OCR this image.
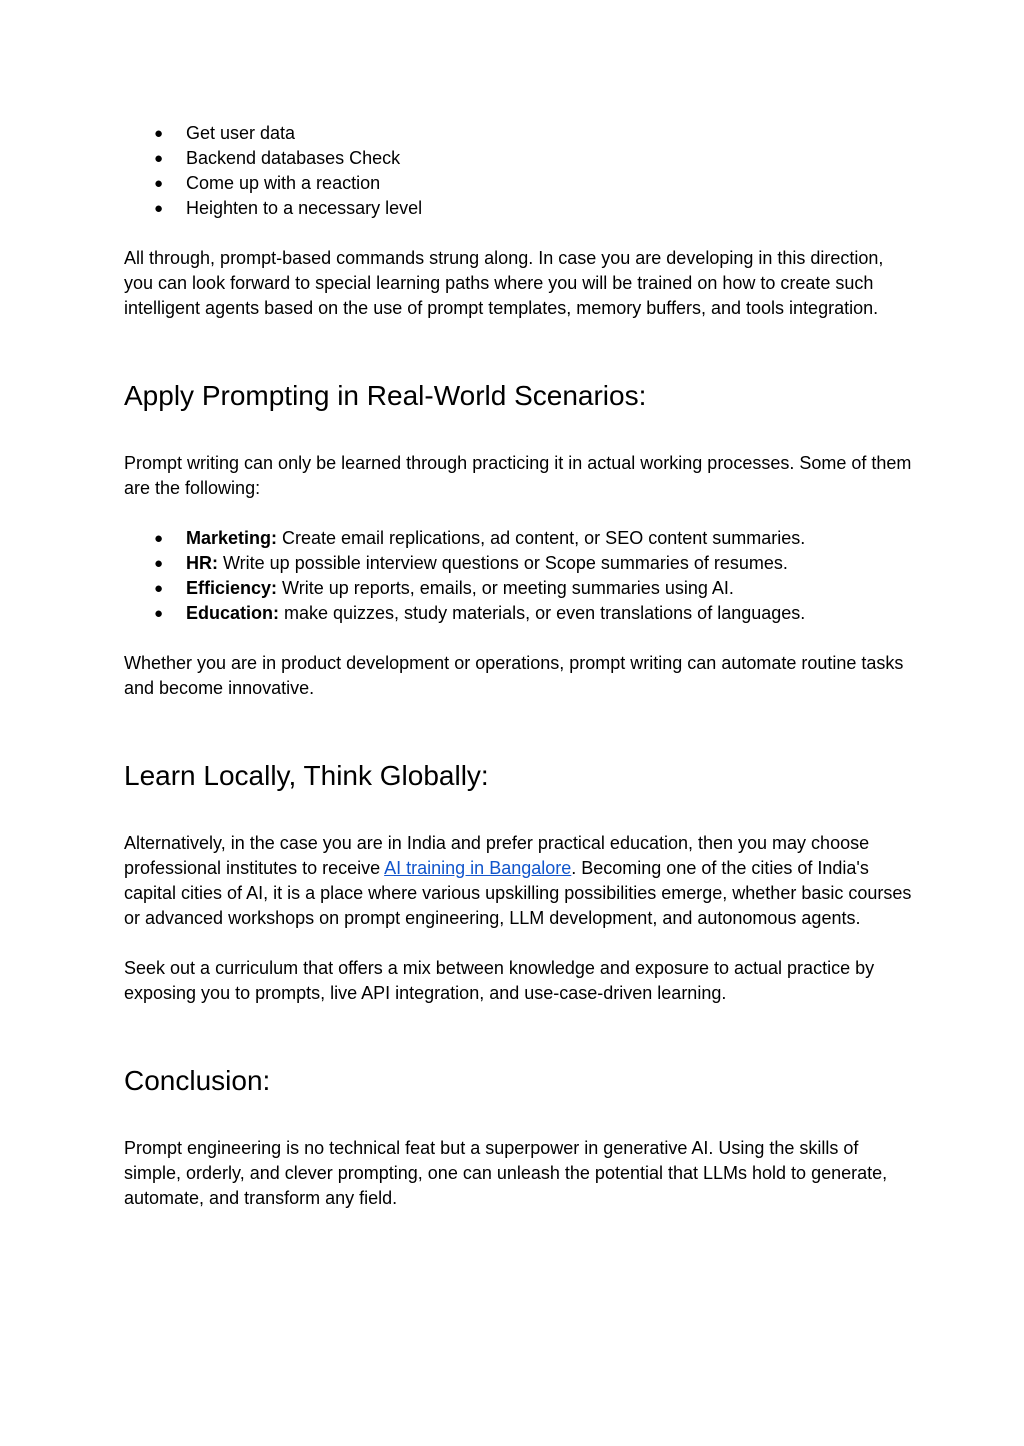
● Get user data
● Backend databases Check
● Come up with a reaction
● Heighten to a necessary level

All through, prompt-based commands strung along. In case you are developing in this direction, you can look forward to special learning paths where you will be trained on how to create such intelligent agents based on the use of prompt templates, memory buffers, and tools integration.

Apply Prompting in Real-World Scenarios:

Prompt writing can only be learned through practicing it in actual working processes. Some of them are the following:

● Marketing: Create email replications, ad content, or SEO content summaries.
● HR: Write up possible interview questions or Scope summaries of resumes.
● Efficiency: Write up reports, emails, or meeting summaries using AI.
● Education: make quizzes, study materials, or even translations of languages.

Whether you are in product development or operations, prompt writing can automate routine tasks and become innovative.

Learn Locally, Think Globally:

Alternatively, in the case you are in India and prefer practical education, then you may choose professional institutes to receive AI training in Bangalore. Becoming one of the cities of India's capital cities of AI, it is a place where various upskilling possibilities emerge, whether basic courses or advanced workshops on prompt engineering, LLM development, and autonomous agents.

Seek out a curriculum that offers a mix between knowledge and exposure to actual practice by exposing you to prompts, live API integration, and use-case-driven learning.

Conclusion:

Prompt engineering is no technical feat but a superpower in generative AI. Using the skills of simple, orderly, and clever prompting, one can unleash the potential that LLMs hold to generate, automate, and transform any field.
